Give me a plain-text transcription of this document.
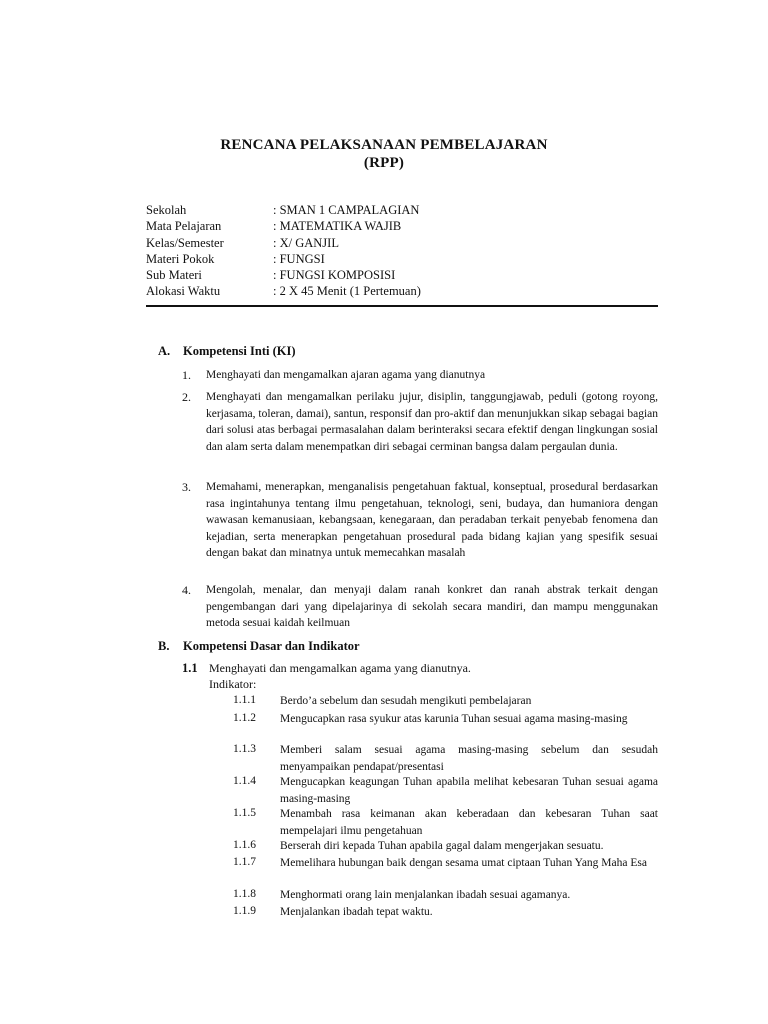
RENCANA PELAKSANAAN PEMBELAJARAN
(RPP)
Sekolah	: SMAN 1 CAMPALAGIAN
Mata Pelajaran	: MATEMATIKA WAJIB
Kelas/Semester	: X/ GANJIL
Materi Pokok	: FUNGSI
Sub Materi	: FUNGSI KOMPOSISI
Alokasi Waktu	: 2 X 45 Menit (1 Pertemuan)
A. Kompetensi Inti (KI)
1. Menghayati dan mengamalkan ajaran agama yang dianutnya
2. Menghayati dan mengamalkan perilaku jujur, disiplin, tanggungjawab, peduli (gotong royong, kerjasama, toleran, damai), santun, responsif dan pro-aktif dan menunjukkan sikap sebagai bagian dari solusi atas berbagai permasalahan dalam berinteraksi secara efektif dengan lingkungan sosial dan alam serta dalam menempatkan diri sebagai cerminan bangsa dalam pergaulan dunia.
3. Memahami, menerapkan, menganalisis pengetahuan faktual, konseptual, prosedural berdasarkan rasa ingintahunya tentang ilmu pengetahuan, teknologi, seni, budaya, dan humaniora dengan wawasan kemanusiaan, kebangsaan, kenegaraan, dan peradaban terkait penyebab fenomena dan kejadian, serta menerapkan pengetahuan prosedural pada bidang kajian yang spesifik sesuai dengan bakat dan minatnya untuk memecahkan masalah
4. Mengolah, menalar, dan menyaji dalam ranah konkret dan ranah abstrak terkait dengan pengembangan dari yang dipelajarinya di sekolah secara mandiri, dan mampu menggunakan metoda sesuai kaidah keilmuan
B. Kompetensi Dasar dan Indikator
1.1 Menghayati dan mengamalkan agama yang dianutnya.
Indikator:
1.1.1 Berdo’a sebelum dan sesudah mengikuti pembelajaran
1.1.2 Mengucapkan rasa syukur atas karunia Tuhan sesuai agama masing-masing
1.1.3 Memberi salam sesuai agama masing-masing sebelum dan sesudah menyampaikan pendapat/presentasi
1.1.4 Mengucapkan keagungan Tuhan apabila melihat kebesaran Tuhan sesuai agama masing-masing
1.1.5 Menambah rasa keimanan akan keberadaan dan kebesaran Tuhan saat mempelajari ilmu pengetahuan
1.1.6 Berserah diri kepada Tuhan apabila gagal dalam mengerjakan sesuatu.
1.1.7 Memelihara hubungan baik dengan sesama umat ciptaan Tuhan Yang Maha Esa
1.1.8 Menghormati orang lain menjalankan ibadah sesuai agamanya.
1.1.9 Menjalankan ibadah tepat waktu.
